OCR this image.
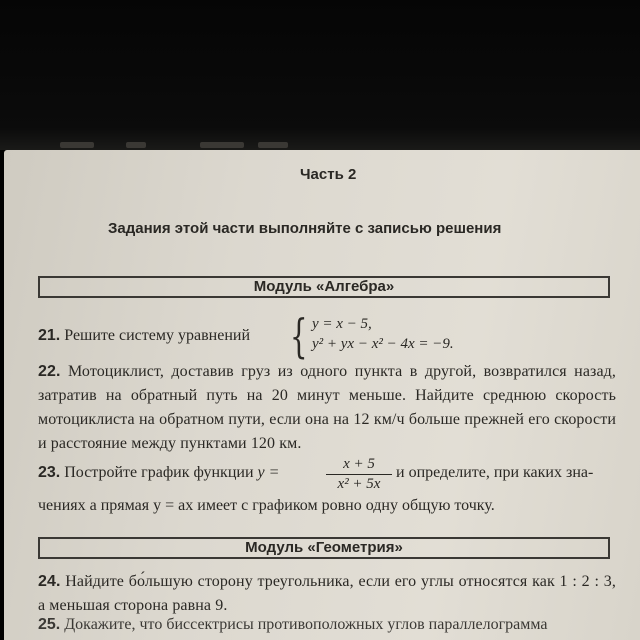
Часть 2
Задания этой части выполняйте с записью решения
Модуль «Алгебра»
21. Решите систему уравнений { y = x − 5,
y² + yx − x² − 4x = −9.
22. Мотоциклист, доставив груз из одного пункта в другой, возвратился назад, затратив на обратный путь на 20 минут меньше. Найдите среднюю скорость мотоциклиста на обратном пути, если она на 12 км/ч больше прежней его скорости и расстояние между пунктами 120 км.
23. Постройте график функции y =	x + 5
x² + 5x
и определите, при каких зна-
чениях a прямая y = ax имеет с графиком ровно одну общую точку.
Модуль «Геометрия»
24. Найдите бо́льшую сторону треугольника, если его углы относятся как 1 : 2 : 3, а меньшая сторона равна 9.
25. Докажите, что биссектрисы противоположных углов параллелограмма
